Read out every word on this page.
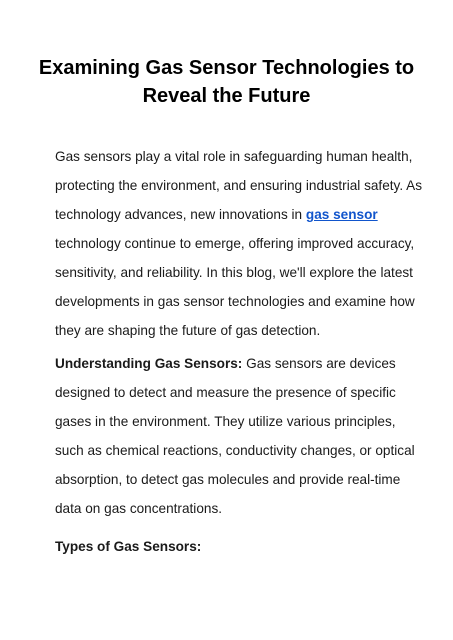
Examining Gas Sensor Technologies to
Reveal the Future

Gas sensors play a vital role in safeguarding human health,
protecting the environment, and ensuring industrial safety. As
technology advances, new innovations in gas sensor
technology continue to emerge, offering improved accuracy,
sensitivity, and reliability. In this blog, we'll explore the latest
developments in gas sensor technologies and examine how
they are shaping the future of gas detection.

Understanding Gas Sensors: Gas sensors are devices
designed to detect and measure the presence of specific
gases in the environment. They utilize various principles,
such as chemical reactions, conductivity changes, or optical
absorption, to detect gas molecules and provide real-time
data on gas concentrations.

Types of Gas Sensors:
